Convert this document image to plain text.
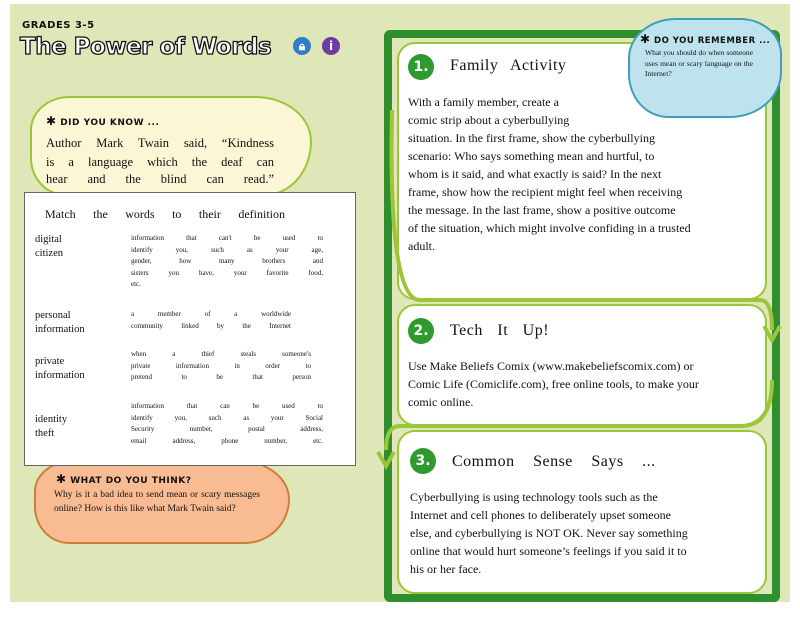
GRADES 3-5
The Power of Words	🔒︎	i
✱ DID YOU KNOW ...
Author Mark Twain said, “Kindness
is a language which the deaf can
hear and the blind can read.”
✱ WHAT DO YOU THINK?
Why is it a bad idea to send mean or scary messages online? How is this like what Mark Twain said?
Match the words to their definition
digital
citizen
information that can't be used to
identify you, such as your age,
gender, how many brothers and
sisters you have, your favorite food,
etc.
personal
information
a member of a worldwide
community linked by the Internet
private
information
when a thief steals someone's
private information in order to
pretend to be that person
identity
theft
information that can be used to
identify you, such as your Social
Security number, postal address,
email address, phone number, etc.
1.	Family Activity
With a family member, create a
comic strip about a cyberbullying
situation. In the first frame, show the cyberbullying
scenario: Who says something mean and hurtful, to
whom is it said, and what exactly is said? In the next
frame, show how the recipient might feel when receiving
the message. In the last frame, show a positive outcome
of the situation, which might involve confiding in a trusted
adult.
2.	Tech It Up!
Use Make Beliefs Comix (www.makebeliefscomix.com) or
Comic Life (Comiclife.com), free online tools, to make your
comic online.
3.	Common Sense Says ...
Cyberbullying is using technology tools such as the
Internet and cell phones to deliberately upset someone
else, and cyberbullying is NOT OK. Never say something
online that would hurt someone’s feelings if you said it to
his or her face.
✱ DO YOU REMEMBER ...
What you should do when someone uses mean or scary language on the Internet?
